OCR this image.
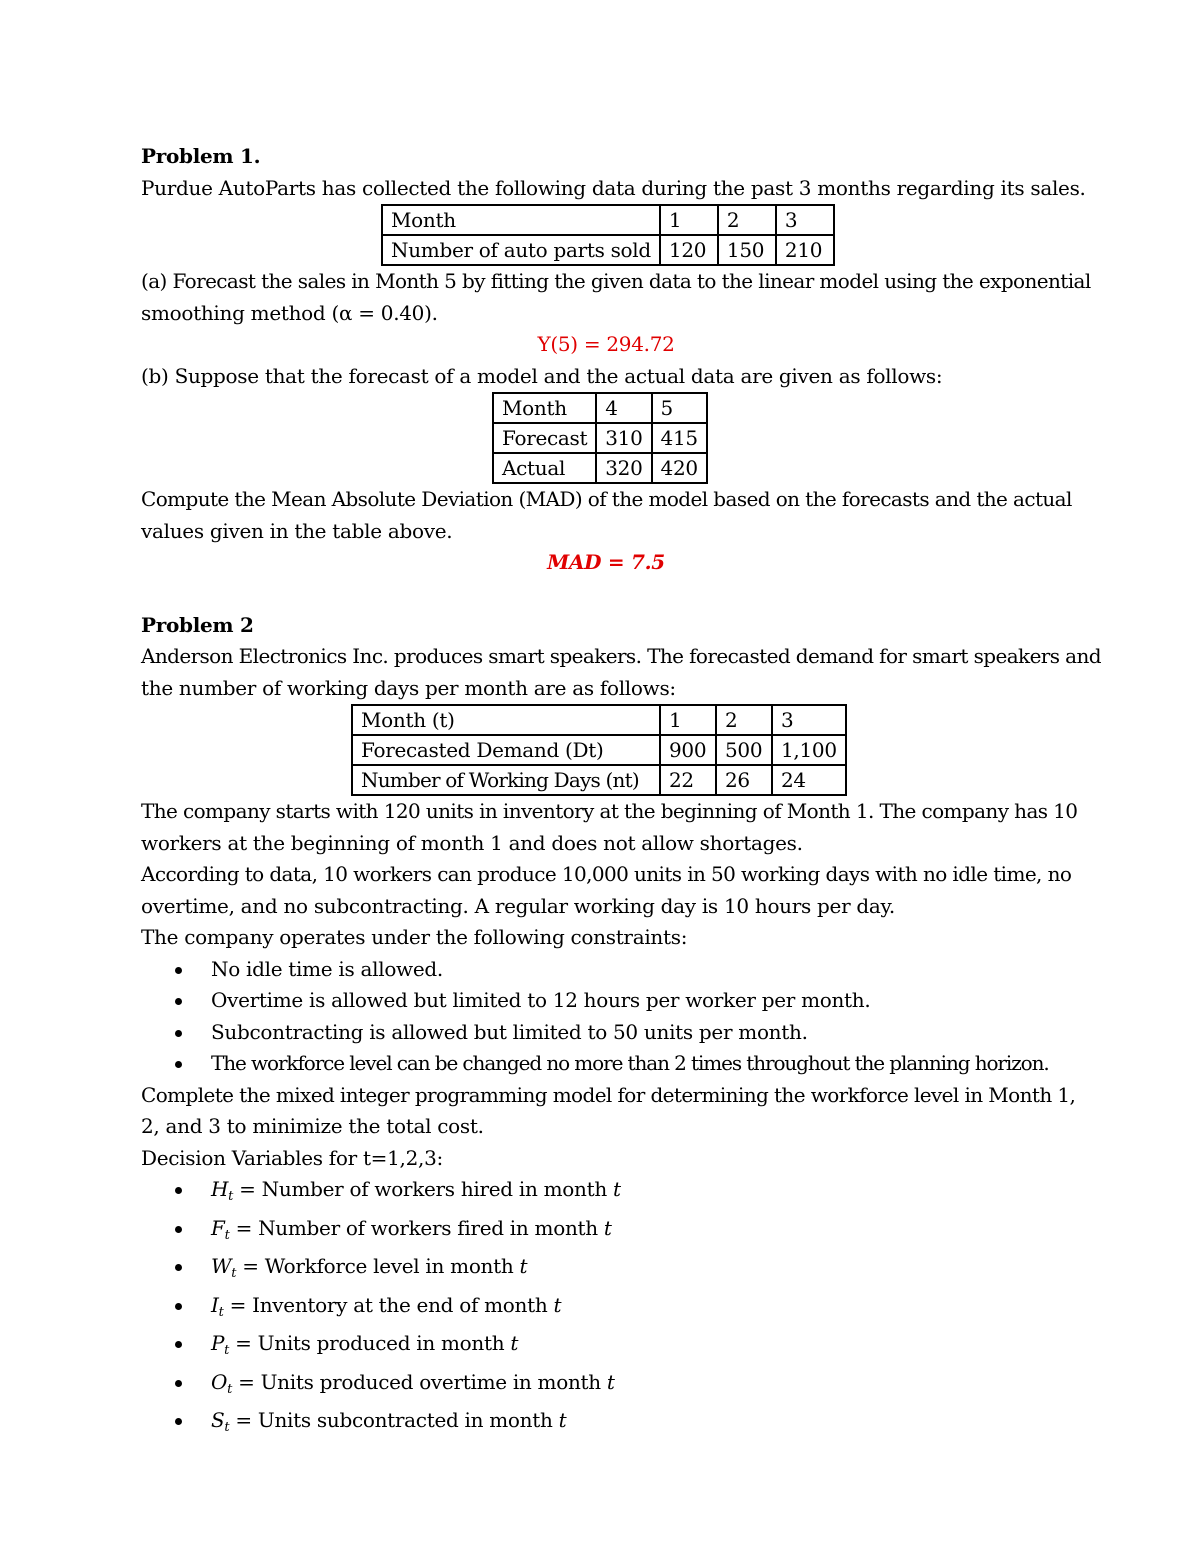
Problem 1.
Purdue AutoParts has collected the following data during the past 3 months regarding its sales.
Month	1	2	3
Number of auto parts sold	120	150	210
(a) Forecast the sales in Month 5 by fitting the given data to the linear model using the exponential
smoothing method (α = 0.40).
Y(5) = 294.72
(b) Suppose that the forecast of a model and the actual data are given as follows:
Month	4	5
Forecast	310	415
Actual	320	420
Compute the Mean Absolute Deviation (MAD) of the model based on the forecasts and the actual
values given in the table above.
MAD = 7.5
Problem 2
Anderson Electronics Inc. produces smart speakers. The forecasted demand for smart speakers and
the number of working days per month are as follows:
Month (t)	1	2	3
Forecasted Demand (Dt)	900	500	1,100
Number of Working Days (nt)	22	26	24
The company starts with 120 units in inventory at the beginning of Month 1. The company has 10
workers at the beginning of month 1 and does not allow shortages.
According to data, 10 workers can produce 10,000 units in 50 working days with no idle time, no
overtime, and no subcontracting. A regular working day is 10 hours per day.
The company operates under the following constraints:
No idle time is allowed.
Overtime is allowed but limited to 12 hours per worker per month.
Subcontracting is allowed but limited to 50 units per month.
The workforce level can be changed no more than 2 times throughout the planning horizon.
Complete the mixed integer programming model for determining the workforce level in Month 1,
2, and 3 to minimize the total cost.
Decision Variables for t=1,2,3:
$H_t$ = Number of workers hired in month t
$F_t$ = Number of workers fired in month t
$W_t$ = Workforce level in month t
$I_t$ = Inventory at the end of month t
$P_t$ = Units produced in month t
$O_t$ = Units produced overtime in month t
$S_t$ = Units subcontracted in month t
